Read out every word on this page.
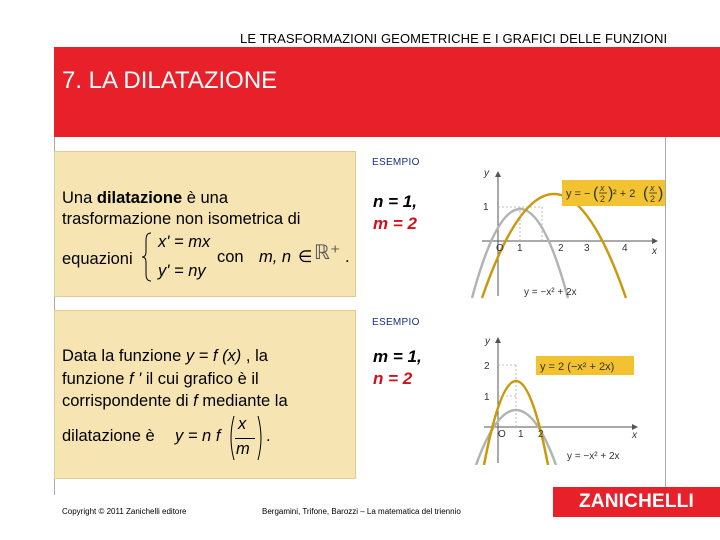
LE TRASFORMAZIONI GEOMETRICHE E I GRAFICI DELLE FUNZIONI
7. LA DILATAZIONE
Una dilatazione è una
trasformazione non isometrica di
equazioni
x' = mx
y' = ny
con m, n ∈ ℝ⁺ .
Data la funzione y = f (x) , la
funzione f ' il cui grafico è il
corrispondente di f mediante la
dilatazione è y = n f
x
m
.
ESEMPIO
n = 1,
m = 2
y
x
O
1
1	2 3	4
y = − ( x
2 ) ² + 2 ( x
2 )
y = −x² + 2x
ESEMPIO
m = 1,
n = 2
y
x
O
2
1
1 2
y = 2 (−x² + 2x)
y = −x² + 2x
Copyright © 2011 Zanichelli editore	Bergamini, Trifone, Barozzi – La matematica del triennio	ZANICHELLI
